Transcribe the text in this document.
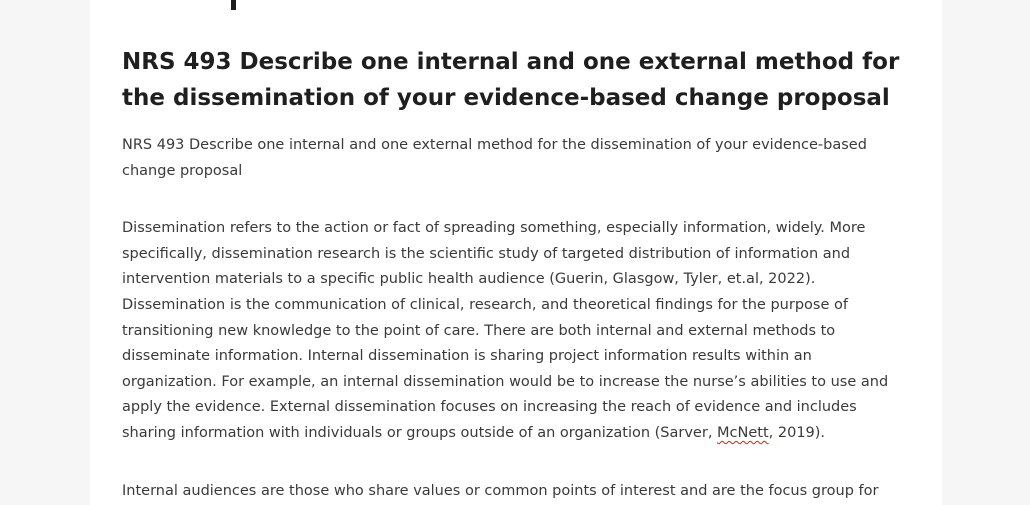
NRS 493 Describe one internal and one external method for the dissemination of your evidence-based change proposal

NRS 493 Describe one internal and one external method for the dissemination of your evidence-based change proposal

Dissemination refers to the action or fact of spreading something, especially information, widely. More specifically, dissemination research is the scientific study of targeted distribution of information and intervention materials to a specific public health audience (Guerin, Glasgow, Tyler, et.al, 2022). Dissemination is the communication of clinical, research, and theoretical findings for the purpose of transitioning new knowledge to the point of care. There are both internal and external methods to disseminate information. Internal dissemination is sharing project information results within an organization. For example, an internal dissemination would be to increase the nurse’s abilities to use and apply the evidence. External dissemination focuses on increasing the reach of evidence and includes sharing information with individuals or groups outside of an organization (Sarver, McNett, 2019).

Internal audiences are those who share values or common points of interest and are the focus group for
